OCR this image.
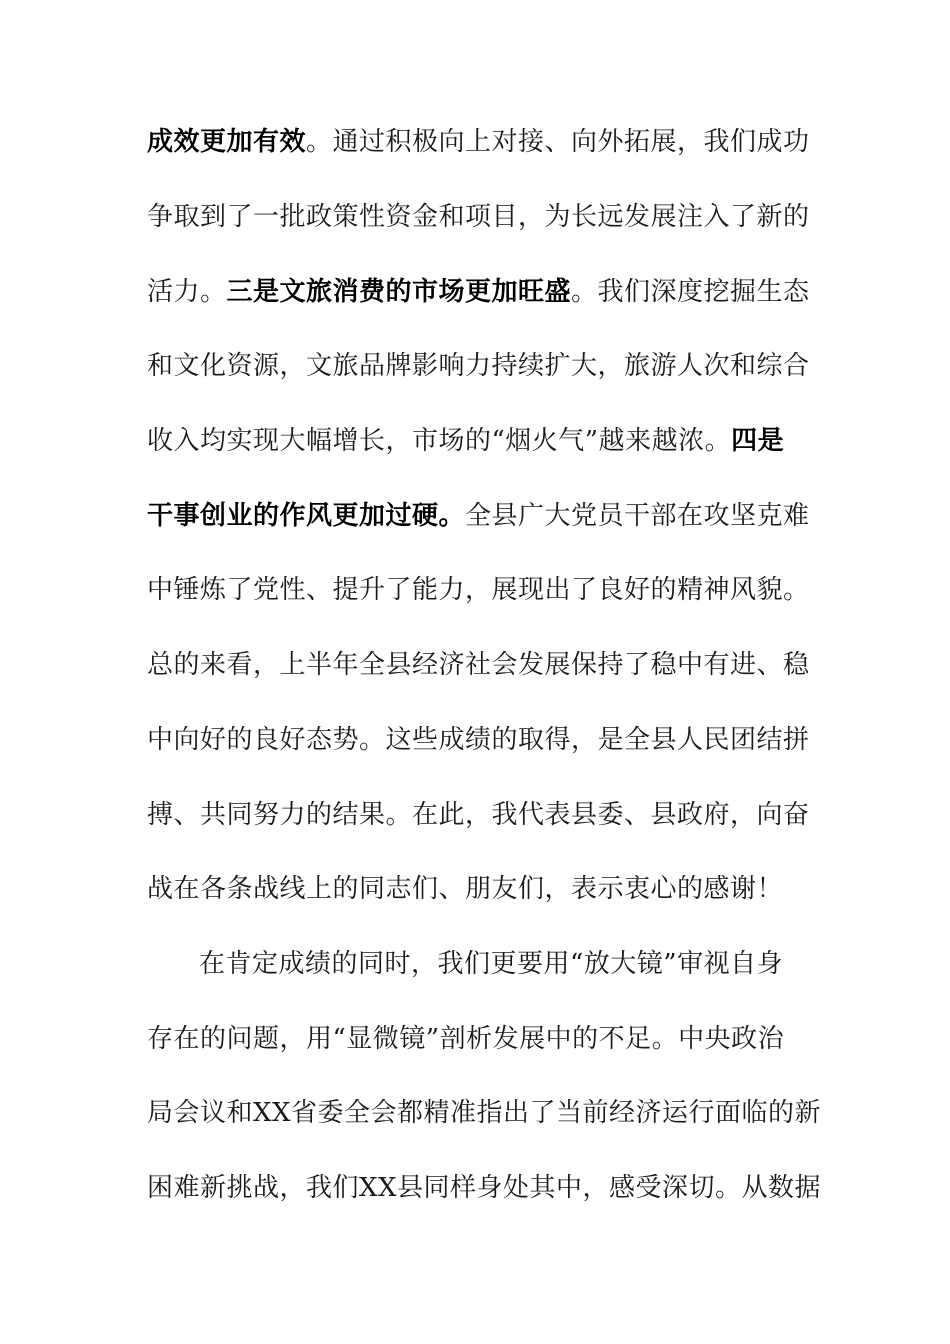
成效更加有效。通过积极向上对接、向外拓展，我们成功
争取到了一批政策性资金和项目，为长远发展注入了新的
活力。三是文旅消费的市场更加旺盛。我们深度挖掘生态
和文化资源，文旅品牌影响力持续扩大，旅游人次和综合
收入均实现大幅增长，市场的“烟火气”越来越浓。四是
干事创业的作风更加过硬。全县广大党员干部在攻坚克难
中锤炼了党性、提升了能力，展现出了良好的精神风貌。
总的来看，上半年全县经济社会发展保持了稳中有进、稳
中向好的良好态势。这些成绩的取得，是全县人民团结拼
搏、共同努力的结果。在此，我代表县委、县政府，向奋
战在各条战线上的同志们、朋友们，表示衷心的感谢！
在肯定成绩的同时，我们更要用“放大镜”审视自身
存在的问题，用“显微镜”剖析发展中的不足。中央政治
局会议和XX省委全会都精准指出了当前经济运行面临的新
困难新挑战，我们XX县同样身处其中，感受深切。从数据
